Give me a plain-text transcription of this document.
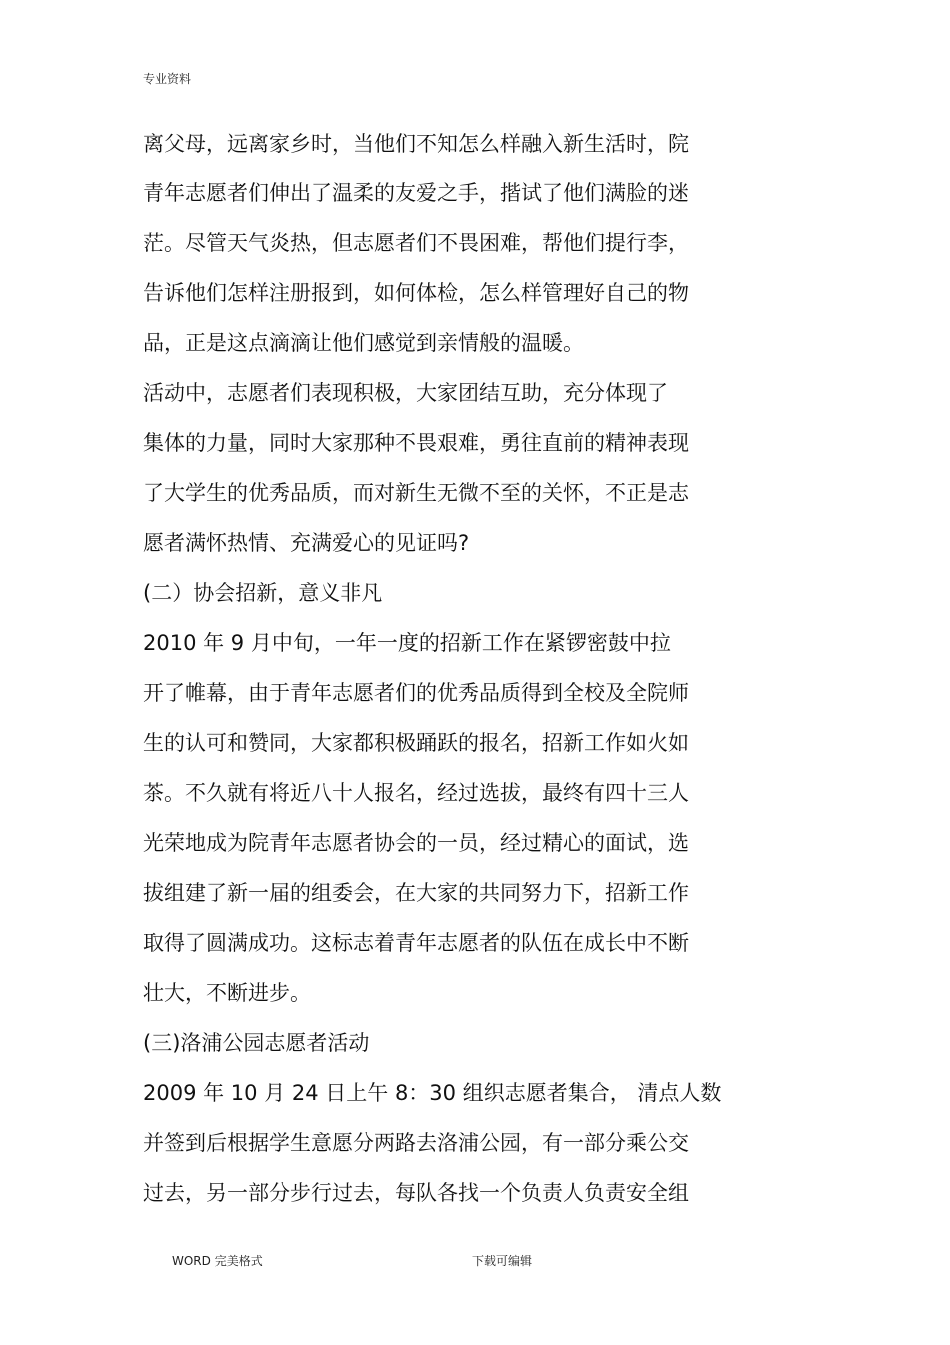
专业资料
离父母，远离家乡时，当他们不知怎么样融入新生活时，院
青年志愿者们伸出了温柔的友爱之手，揩试了他们满脸的迷
茫。尽管天气炎热，但志愿者们不畏困难，帮他们提行李，
告诉他们怎样注册报到，如何体检，怎么样管理好自己的物
品，正是这点滴滴让他们感觉到亲情般的温暖。
活动中，志愿者们表现积极，大家团结互助，充分体现了
集体的力量，同时大家那种不畏艰难，勇往直前的精神表现
了大学生的优秀品质，而对新生无微不至的关怀，不正是志
愿者满怀热情、充满爱心的见证吗?
(二）协会招新，意义非凡
2010 年 9 月中旬，一年一度的招新工作在紧锣密鼓中拉
开了帷幕，由于青年志愿者们的优秀品质得到全校及全院师
生的认可和赞同，大家都积极踊跃的报名，招新工作如火如
茶。不久就有将近八十人报名，经过选拔，最终有四十三人
光荣地成为院青年志愿者协会的一员，经过精心的面试，选
拔组建了新一届的组委会，在大家的共同努力下，招新工作
取得了圆满成功。这标志着青年志愿者的队伍在成长中不断
壮大，不断进步。
(三)洛浦公园志愿者活动
2009 年 10 月 24 日上午 8：30 组织志愿者集合， 清点人数
并签到后根据学生意愿分两路去洛浦公园，有一部分乘公交
过去，另一部分步行过去，每队各找一个负责人负责安全组
WORD 完美格式	下载可编辑
